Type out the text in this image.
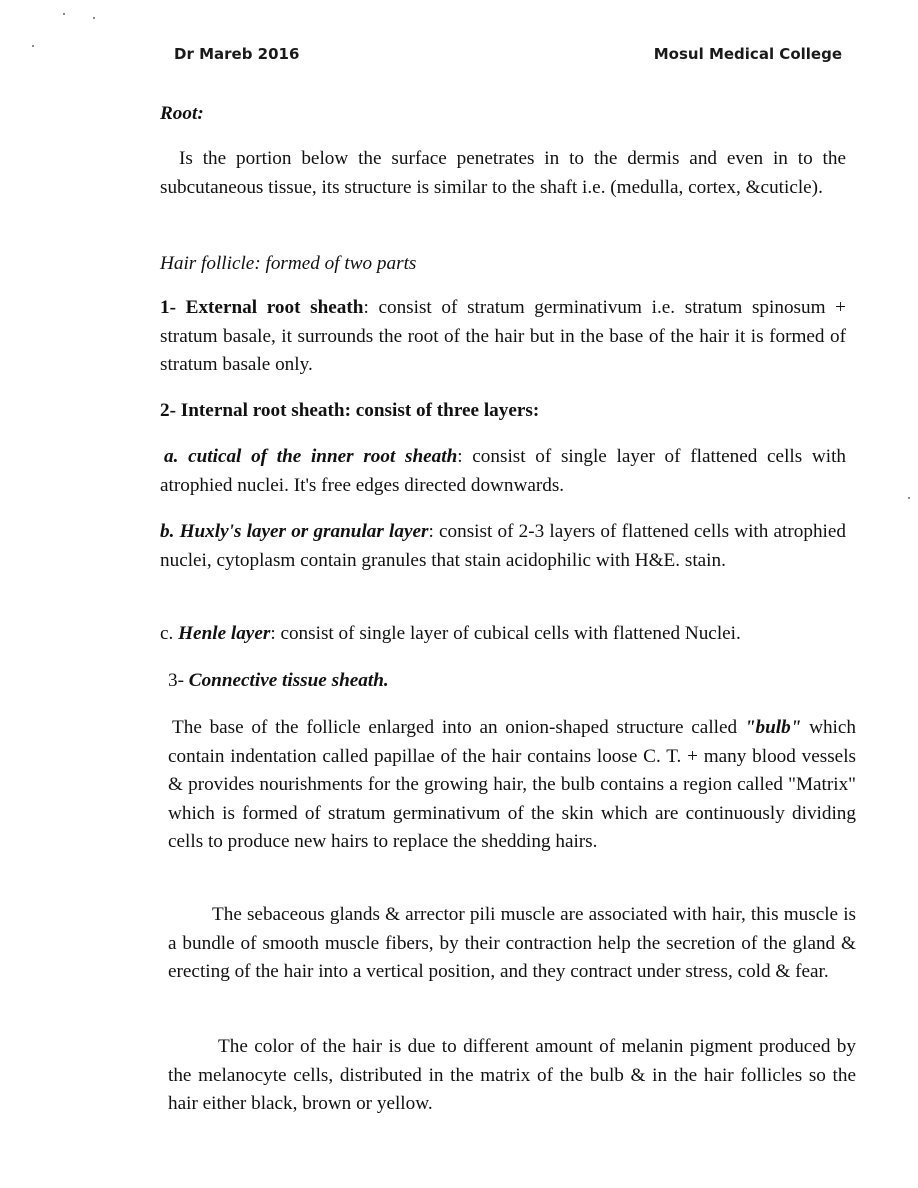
Dr Mareb 2016	Mosul Medical College

Root:

Is the portion below the surface penetrates in to the dermis and even in to the subcutaneous tissue, its structure is similar to the shaft i.e. (medulla, cortex, &cuticle).

Hair follicle: formed of two parts

1- External root sheath: consist of stratum germinativum i.e. stratum spinosum + stratum basale, it surrounds the root of the hair but in the base of the hair it is formed of stratum basale only.

2- Internal root sheath: consist of three layers:

a. cutical of the inner root sheath: consist of single layer of flattened cells with atrophied nuclei. It's free edges directed downwards.

b. Huxly's layer or granular layer: consist of 2-3 layers of flattened cells with atrophied nuclei, cytoplasm contain granules that stain acidophilic with H&E. stain.

c. Henle layer: consist of single layer of cubical cells with flattened Nuclei.

3- Connective tissue sheath.

The base of the follicle enlarged into an onion-shaped structure called "bulb" which contain indentation called papillae of the hair contains loose C. T. + many blood vessels & provides nourishments for the growing hair, the bulb contains a region called "Matrix" which is formed of stratum germinativum of the skin which are continuously dividing cells to produce new hairs to replace the shedding hairs.

The sebaceous glands & arrector pili muscle are associated with hair, this muscle is a bundle of smooth muscle fibers, by their contraction help the secretion of the gland & erecting of the hair into a vertical position, and they contract under stress, cold & fear.

The color of the hair is due to different amount of melanin pigment produced by the melanocyte cells, distributed in the matrix of the bulb & in the hair follicles so the hair either black, brown or yellow.
